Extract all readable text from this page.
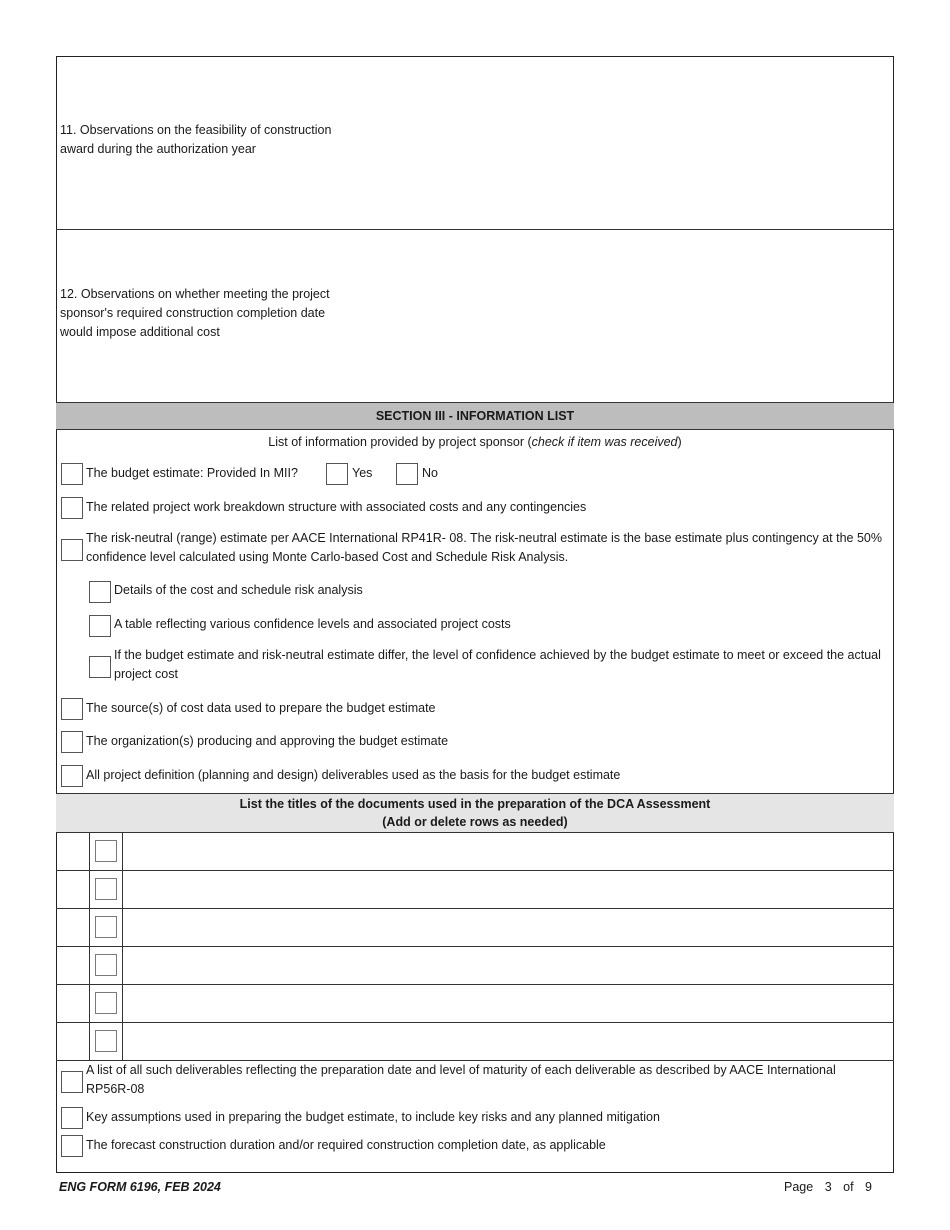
11. Observations on the feasibility of construction award during the authorization year
12. Observations on whether meeting the project sponsor's required construction completion date would impose additional cost
SECTION III - INFORMATION LIST
List of information provided by project sponsor (check if item was received)
The budget estimate: Provided In MII?	Yes	No
The related project work breakdown structure with associated costs and any contingencies
The risk-neutral (range) estimate per AACE International RP41R- 08. The risk-neutral estimate is the base estimate plus contingency at the 50% confidence level calculated using Monte Carlo-based Cost and Schedule Risk Analysis.
Details of the cost and schedule risk analysis
A table reflecting various confidence levels and associated project costs
If the budget estimate and risk-neutral estimate differ, the level of confidence achieved by the budget estimate to meet or exceed the actual project cost
The source(s) of cost data used to prepare the budget estimate
The organization(s) producing and approving the budget estimate
All project definition (planning and design) deliverables used as the basis for the budget estimate
List the titles of the documents used in the preparation of the DCA Assessment
(Add or delete rows as needed)
A list of all such deliverables reflecting the preparation date and level of maturity of each deliverable as described by AACE International RP56R-08
Key assumptions used in preparing the budget estimate, to include key risks and any planned mitigation
The forecast construction duration and/or required construction completion date, as applicable
ENG FORM 6196, FEB 2024	Page 3 of 9
